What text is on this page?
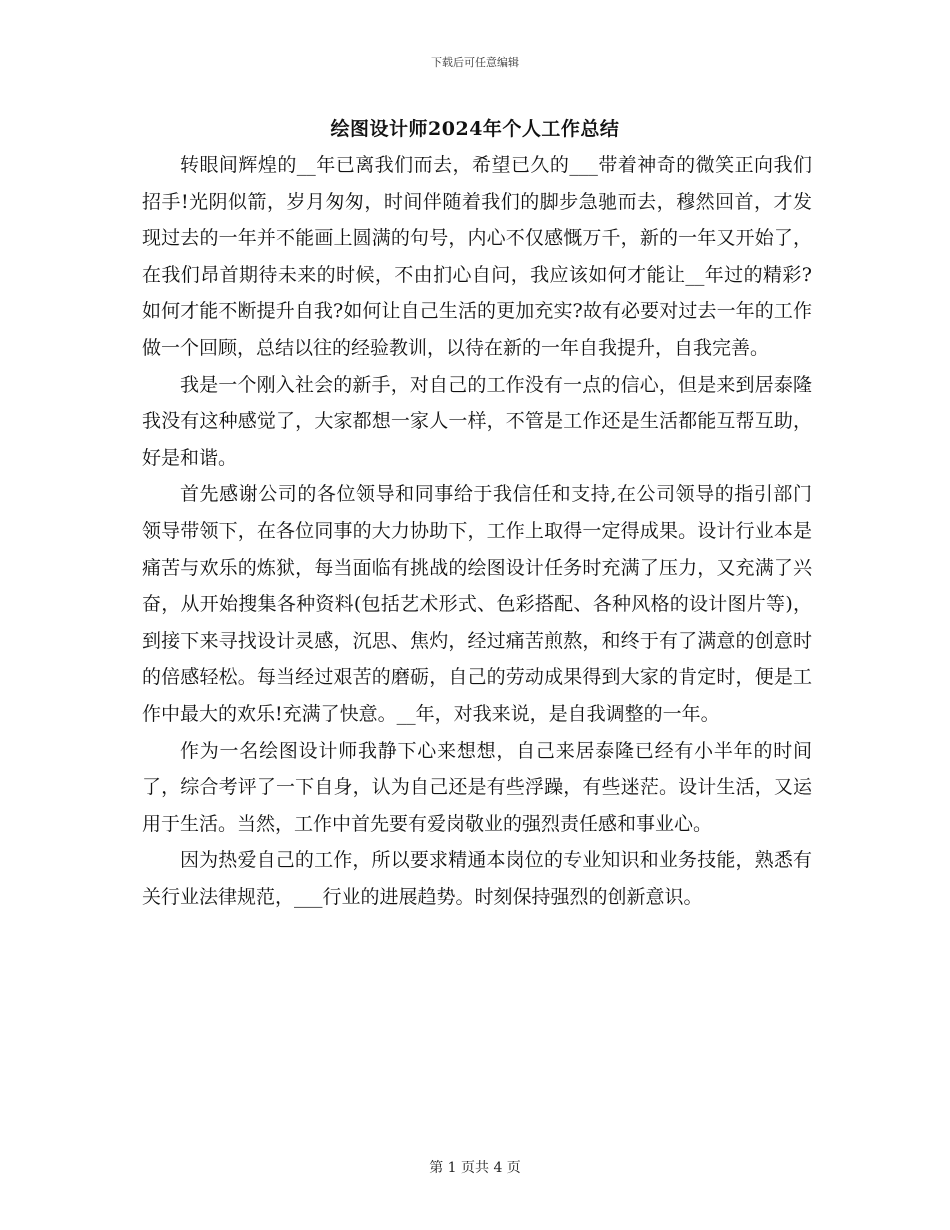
下载后可任意编辑
绘图设计师2024年个人工作总结

转眼间辉煌的__年已离我们而去，希望已久的___带着神奇的微笑正向我们招手!光阴似箭，岁月匆匆，时间伴随着我们的脚步急驰而去，穆然回首，才发现过去的一年并不能画上圆满的句号，内心不仅感慨万千，新的一年又开始了，在我们昂首期待未来的时候，不由扪心自问，我应该如何才能让__年过的精彩?如何才能不断提升自我?如何让自己生活的更加充实?故有必要对过去一年的工作做一个回顾，总结以往的经验教训，以待在新的一年自我提升，自我完善。

我是一个刚入社会的新手，对自己的工作没有一点的信心，但是来到居泰隆我没有这种感觉了，大家都想一家人一样，不管是工作还是生活都能互帮互助，好是和谐。

首先感谢公司的各位领导和同事给于我信任和支持,在公司领导的指引部门领导带领下，在各位同事的大力协助下，工作上取得一定得成果。设计行业本是痛苦与欢乐的炼狱，每当面临有挑战的绘图设计任务时充满了压力，又充满了兴奋，从开始搜集各种资料(包括艺术形式、色彩搭配、各种风格的设计图片等)，到接下来寻找设计灵感，沉思、焦灼，经过痛苦煎熬，和终于有了满意的创意时的倍感轻松。每当经过艰苦的磨砺，自己的劳动成果得到大家的肯定时，便是工作中最大的欢乐!充满了快意。__年，对我来说，是自我调整的一年。

作为一名绘图设计师我静下心来想想，自己来居泰隆已经有小半年的时间了，综合考评了一下自身，认为自己还是有些浮躁，有些迷茫。设计生活，又运用于生活。当然，工作中首先要有爱岗敬业的强烈责任感和事业心。

因为热爱自己的工作，所以要求精通本岗位的专业知识和业务技能，熟悉有关行业法律规范，___行业的进展趋势。时刻保持强烈的创新意识。

第 1 页共 4 页
